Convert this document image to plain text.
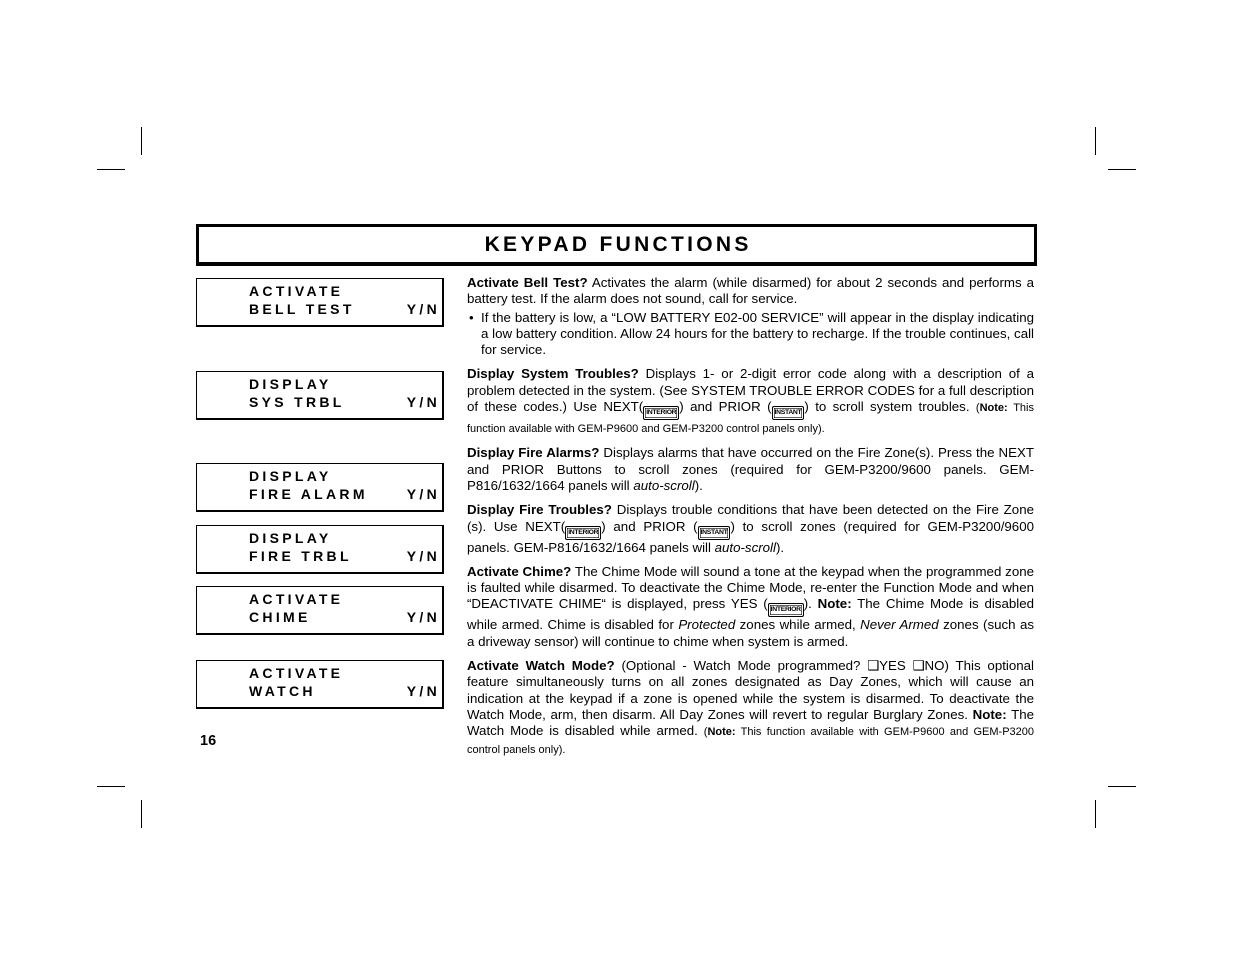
KEYPAD FUNCTIONS
ACTIVATE
BELL TEST	Y/N
DISPLAY
SYS TRBL	Y/N
DISPLAY
FIRE ALARM	Y/N
DISPLAY
FIRE TRBL	Y/N
ACTIVATE
CHIME	Y/N
ACTIVATE
WATCH	Y/N
16
Activate Bell Test? Activates the alarm (while disarmed) for about 2 seconds and performs a battery test. If the alarm does not sound, call for service.
• If the battery is low, a “LOW BATTERY E02-00 SERVICE” will appear in the display indicating a low battery condition. Allow 24 hours for the battery to recharge. If the trouble continues, call for service.
Display System Troubles? Displays 1- or 2-digit error code along with a description of a problem detected in the system. (See SYSTEM TROUBLE ERROR CODES for a full description of these codes.) Use NEXT( INTERIOR ) and PRIOR ( INSTANT ) to scroll system troubles. (Note: This function available with GEM-P9600 and GEM-P3200 control panels only).
Display Fire Alarms? Displays alarms that have occurred on the Fire Zone(s). Press the NEXT and PRIOR Buttons to scroll zones (required for GEM-P3200/9600 panels. GEM-P816/1632/1664 panels will auto-scroll).
Display Fire Troubles? Displays trouble conditions that have been detected on the Fire Zone (s). Use NEXT( INTERIOR ) and PRIOR ( INSTANT ) to scroll zones (required for GEM-P3200/9600 panels. GEM-P816/1632/1664 panels will auto-scroll).
Activate Chime? The Chime Mode will sound a tone at the keypad when the programmed zone is faulted while disarmed. To deactivate the Chime Mode, re-enter the Function Mode and when “DEACTIVATE CHIME“ is displayed, press YES ( INTERIOR ). Note: The Chime Mode is disabled while armed. Chime is disabled for Protected zones while armed, Never Armed zones (such as a driveway sensor) will continue to chime when system is armed.
Activate Watch Mode? (Optional - Watch Mode programmed? ❑YES ❑NO) This optional feature simultaneously turns on all zones designated as Day Zones, which will cause an indication at the keypad if a zone is opened while the system is disarmed. To deactivate the Watch Mode, arm, then disarm. All Day Zones will revert to regular Burglary Zones. Note: The Watch Mode is disabled while armed. (Note: This function available with GEM-P9600 and GEM-P3200 control panels only).
